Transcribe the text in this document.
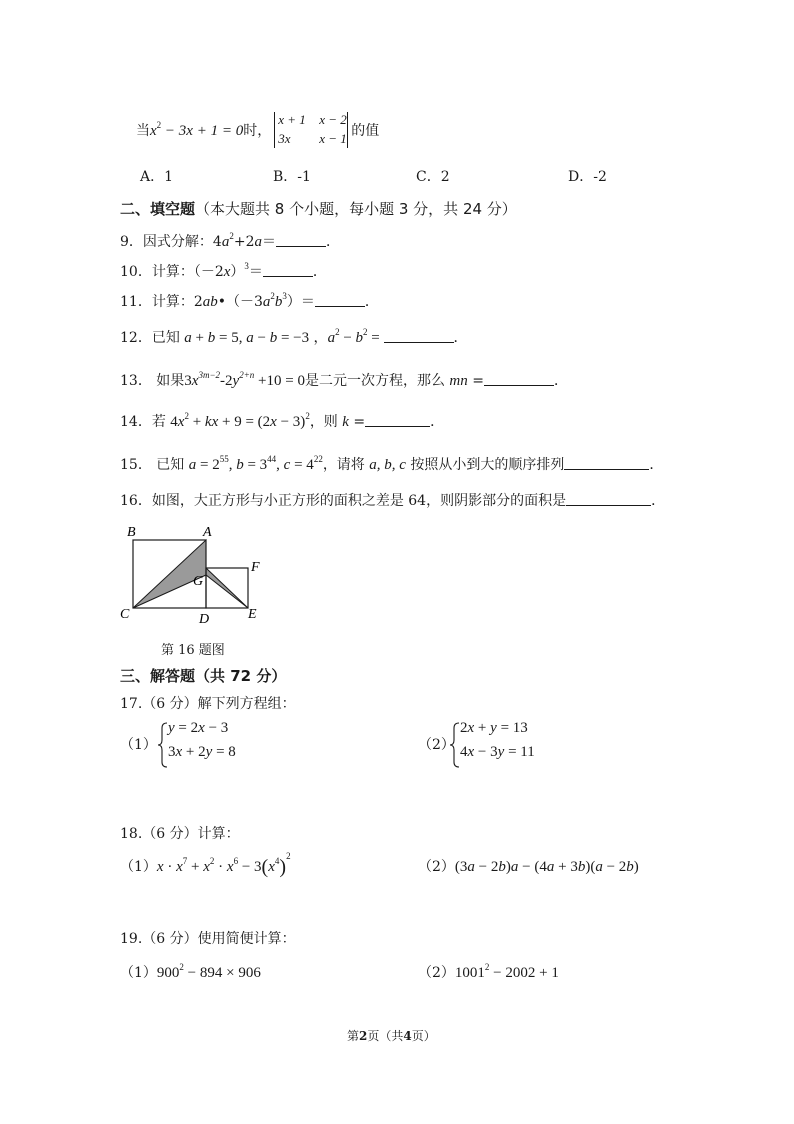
当$x^2 - 3x + 1 = 0$时，
x + 1 x − 2
3x x − 1 的值
A．1	B．-1	C．2	D．-2
二、填空题（本大题共 8 个小题，每小题 3 分，共 24 分）
9．因式分解：$4a^2+2a=$	．
10．计算：$(-2x)^3=$	．
11．计算：$2ab•(-3a^2b^3)=$	．
12．已知 a + b = 5, a − b = −3 ，$a^2 - b^2$ =	．
13． 如果$3x^{3m-2}-2y^{2+n} +10 = 0$是二元一次方程，那么 mn =	．
14．若 $4x^2$ + kx + $9 = (2x - 3)^2$，则 k =	．
15． 已知 $a = 2^{55}$, $b = 3^{44}$, $c = 4^{22}$，请将 a, b, c 按照从小到大的顺序排列	．
16．如图，大正方形与小正方形的面积之差是 64，则阴影部分的面积是	．
B	A
F
G
C	D	E
第 16 题图
三、解答题（共 72 分）
17.（6 分）解下列方程组：
（1）
y = 2x − 3
3x + 2y = 8	（2）
2x + y = 13
4x − 3y = 11
18.（6 分）计算：
$(1)x \cdot x^7 + x^2 \cdot x^6 - 3(x^4)^2$
（2）(3a − 2b)a − (4a + 3b)(a − 2b)
19.（6 分）使用简便计算：
$(1)900^2 - 894 \times 906$	$(2)1001^2 - 2002 + 1$
第2页（共4页）
